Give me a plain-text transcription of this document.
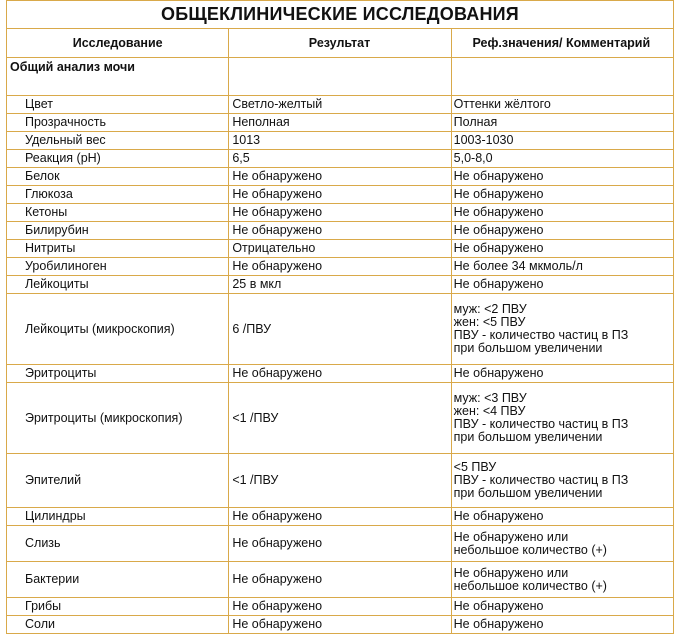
ОБЩЕКЛИНИЧЕСКИЕ ИССЛЕДОВАНИЯ		
Исследование	Результат	Реф.значения/ Комментарий
Общий анализ мочи		
Цвет	Светло-желтый	Оттенки жёлтого

Прозрачность	Неполная	Полная

Удельный вес	1013	1003-1030

Реакция (pH)	6,5	5,0-8,0

Белок	Не обнаружено	Не обнаружено

Глюкоза	Не обнаружено	Не обнаружено

Кетоны	Не обнаружено	Не обнаружено

Билирубин	Не обнаружено	Не обнаружено

Нитриты	Отрицательно	Не обнаружено

Уробилиноген	Не обнаружено	Не более 34 мкмоль/л

Лейкоциты	25 в мкл	Не обнаружено

Лейкоциты (микроскопия)	6 /ПВУ	муж: <2 ПВУ
жен: <5 ПВУ
ПВУ - количество частиц в ПЗ
при большом увеличении

Эритроциты	Не обнаружено	Не обнаружено

Эритроциты (микроскопия)	<1 /ПВУ	муж: <3 ПВУ
жен: <4 ПВУ
ПВУ - количество частиц в ПЗ
при большом увеличении

Эпителий	<1 /ПВУ	<5 ПВУ
ПВУ - количество частиц в ПЗ
при большом увеличении

Цилиндры	Не обнаружено	Не обнаружено

Слизь	Не обнаружено	Не обнаружено или
небольшое количество (+)

Бактерии	Не обнаружено	Не обнаружено или
небольшое количество (+)

Грибы	Не обнаружено	Не обнаружено

Соли	Не обнаружено	Не обнаружено
